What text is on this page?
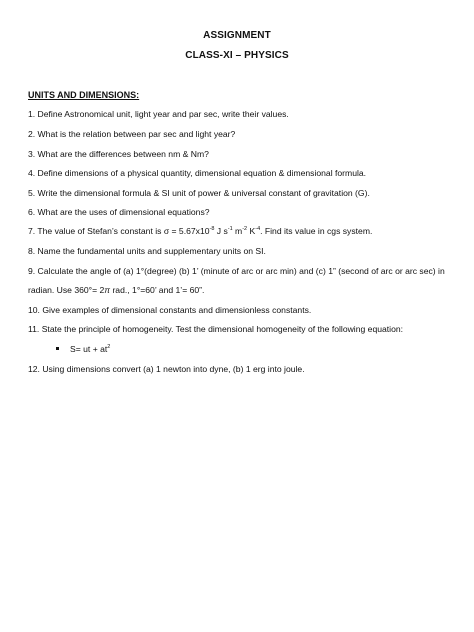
ASSIGNMENT
CLASS-XI – PHYSICS
UNITS AND DIMENSIONS:
1. Define Astronomical unit, light year and par sec, write their values.
2. What is the relation between par sec and light year?
3. What are the differences between nm & Nm?
4. Define dimensions of a physical quantity, dimensional equation & dimensional formula.
5. Write the dimensional formula & SI unit of power & universal constant of gravitation (G).
6. What are the uses of dimensional equations?
7. The value of Stefan’s constant is $\sigma = 5.67x10^{-8}$ J $s^{-1}$ $m^{-2}$ $K^{-4}$. Find its value in cgs system.
8. Name the fundamental units and supplementary units on SI.
9. Calculate the angle of (a) 1°(degree) (b) 1’ (minute of arc or arc min) and (c) 1” (second of arc or arc sec) in
radian. Use 360°= 2π rad., 1°=60’ and 1’= 60”.
10. Give examples of dimensional constants and dimensionless constants.
11. State the principle of homogeneity. Test the dimensional homogeneity of the following equation:
S= ut + $at^2$
12. Using dimensions convert (a) 1 newton into dyne, (b) 1 erg into joule.
